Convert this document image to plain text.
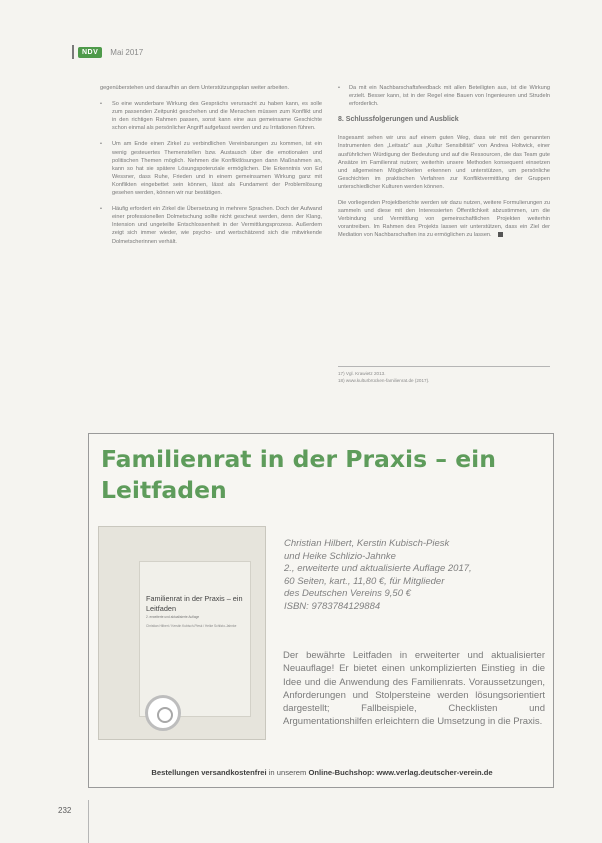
NDV	Mai 2017

gegenüberstehen und daraufhin an dem Unterstützungsplan weiter arbeiten.

• So eine wunderbare Wirkung des Gesprächs verursacht zu haben kann, es solle zum passenden Zeitpunkt geschehen und die Menschen müssen zum Konflikt und in den richtigen Rahmen passen, sonst kann eine aus gemeinsame Geschichte schon einmal als persönlicher Angriff aufgefasst werden und zu Irritationen führen.
• Um am Ende einen Zirkel zu verbindlichen Vereinbarungen zu kommen, ist ein wenig gesteuertes Themenstellen bzw. Austausch über die emotionalen und politischen Themen möglich. Nehmen die Konfliktlösungen dann Maßnahmen an, kann so hat sie spätere Lösungspotenziale ermöglichen. Die Erkenntnis von Ed Wessner, dass Ruhe, Frieden und in einem gemeinsamen Wirkung ganz mit Konflikten eingebettet sein können, lässt als Fundament der Problemlösung gesehen werden, können wir nur bestätigen.
• Häufig erfordert ein Zirkel die Übersetzung in mehrere Sprachen. Doch der Aufwand einer professionellen Dolmetschung sollte nicht gescheut werden, denn der Klang, Intension und ungeteilte Entschlossenheit in der Vermittlungsprozess. Außerdem zeigt sich immer wieder, wie psycho- und wertschätzend sich die mitwirkende Dolmetscherinnen verhält.
• Da mit ein Nachbarschaftsfeedback mit allen Beteiligten aus, ist die Wirkung erzielt. Besser kann, ist in der Regel eine Bauen von Ingenieuren und Strudeln erforderlich.
8. Schlussfolgerungen und Ausblick

Insgesamt sehen wir uns auf einem guten Weg, dass wir mit den genannten Instrumenten den „Leitsatz“ aus „Kultur Sensibilität“ von Andrea Holtwick, einer ausführlichen Würdigung der Bedeutung und auf die Ressourcen, die das Team gute Ansätze im Familienrat nutzen; weiterhin unsere Methoden konsequent einsetzen und allgemeinen Möglichkeiten erkennen und unterstützen, um persönliche Geschichten im praktischen Verfahren zur Konfliktvermittlung der Gruppen unterschiedlicher Kulturen werden können.

Die vorliegenden Projektberichte werden wir dazu nutzen, weitere Formulierungen zu sammeln und diese mit den Interessierten Öffentlichkeit abzustimmen, um die Verbindung und Vermittlung von gemeinschaftlichen Projekten weiterhin vorantreiben. Im Rahmen des Projekts lassen wir unterstützen, dass ein Ziel der Mediation von Nachbarschaften ins zu ermöglichen zu lassen.

17) Vgl. Krawietz 2013.
18) www.kulturbrücken-familienrat.de (2017).
Familienrat in der Praxis – ein Leitfaden
Familienrat in der Praxis – ein Leitfaden
2. erweiterte und aktualisierte Auflage
Christian Hilbert / Kerstin Kubisch-Piesk / Heike Schlizio-Jahnke
Christian Hilbert, Kerstin Kubisch-Piesk
und Heike Schlizio-Jahnke
2., erweiterte und aktualisierte Auflage 2017,
60 Seiten, kart., 11,80 €, für Mitglieder
des Deutschen Vereins 9,50 €
ISBN: 9783784129884
Der bewährte Leitfaden in erweiterter und aktualisierter Neuauflage! Er bietet einen unkomplizierten Einstieg in die Idee und die Anwendung des Familienrats. Voraussetzungen, Anforderungen und Stolpersteine werden lösungsorientiert dargestellt; Fallbeispiele, Checklisten und Argumentationshilfen erleichtern die Umsetzung in die Praxis.
Bestellungen versandkostenfrei in unserem Online-Buchshop: www.verlag.deutscher-verein.de
232
